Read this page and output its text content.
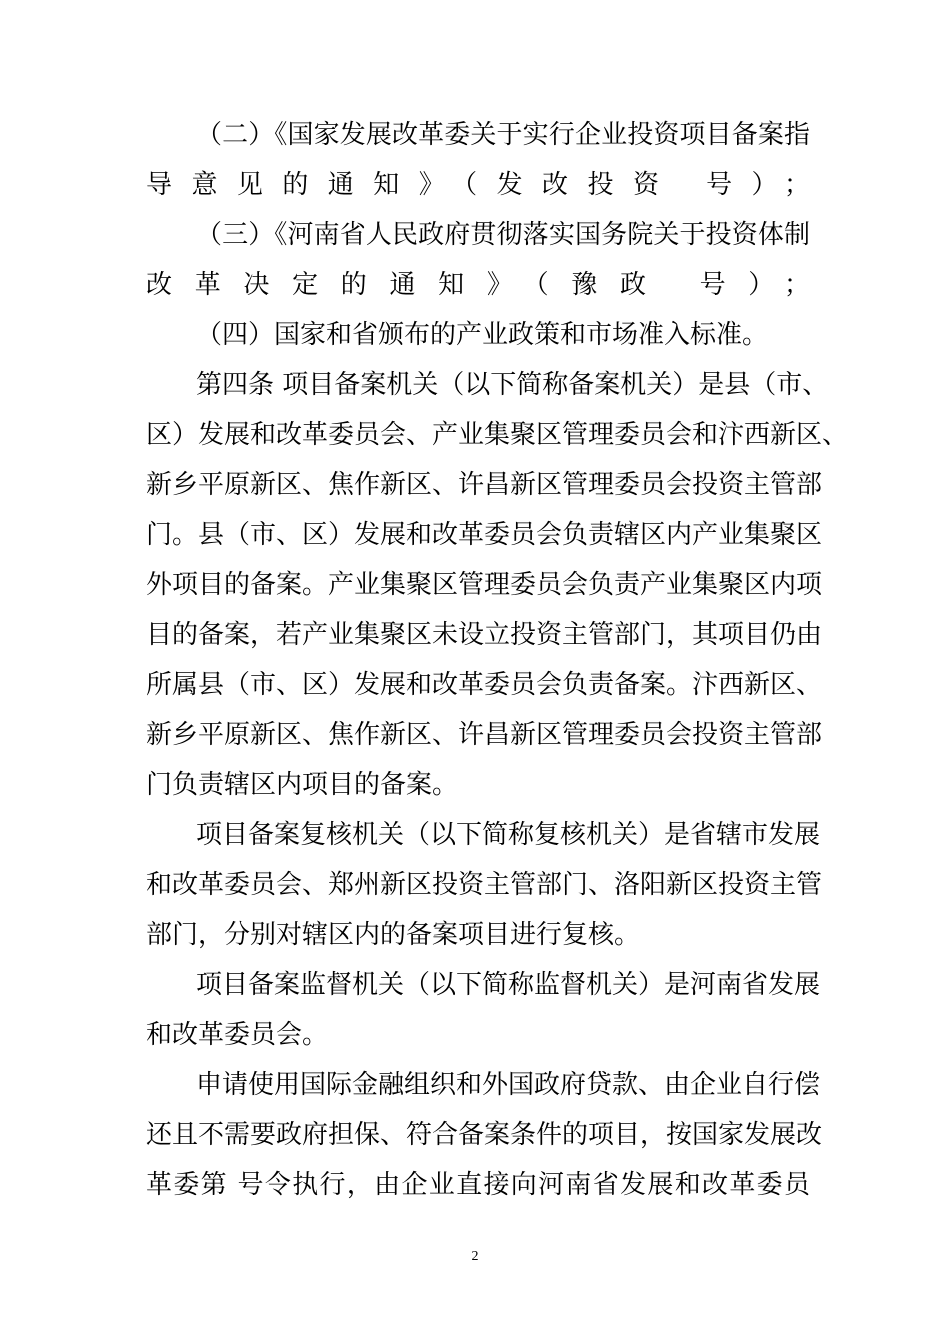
（二）《国家发展改革委关于实行企业投资项目备案指
导意见的通知》（发改投资 号）；
（三）《河南省人民政府贯彻落实国务院关于投资体制
改革决定的通知》（豫政 号）；
（四）国家和省颁布的产业政策和市场准入标准。
第四条 项目备案机关（以下简称备案机关）是县（市、
区）发展和改革委员会、产业集聚区管理委员会和汴西新区、
新乡平原新区、焦作新区、许昌新区管理委员会投资主管部
门。县（市、区）发展和改革委员会负责辖区内产业集聚区
外项目的备案。产业集聚区管理委员会负责产业集聚区内项
目的备案，若产业集聚区未设立投资主管部门，其项目仍由
所属县（市、区）发展和改革委员会负责备案。汴西新区、
新乡平原新区、焦作新区、许昌新区管理委员会投资主管部
门负责辖区内项目的备案。
项目备案复核机关（以下简称复核机关）是省辖市发展
和改革委员会、郑州新区投资主管部门、洛阳新区投资主管
部门，分别对辖区内的备案项目进行复核。
项目备案监督机关（以下简称监督机关）是河南省发展
和改革委员会。
申请使用国际金融组织和外国政府贷款、由企业自行偿
还且不需要政府担保、符合备案条件的项目，按国家发展改
革委第 号令执行，由企业直接向河南省发展和改革委员
2
